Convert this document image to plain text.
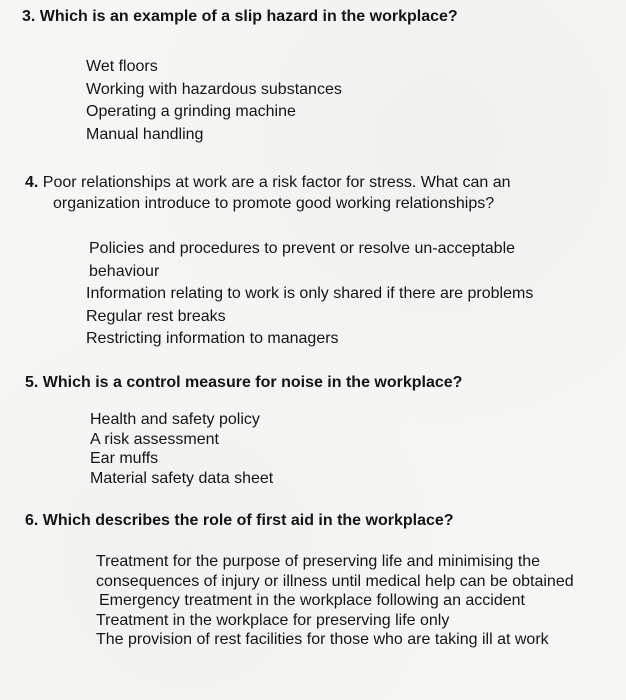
3. Which is an example of a slip hazard in the workplace?
Wet floors
Working with hazardous substances
Operating a grinding machine
Manual handling
4. Poor relationships at work are a risk factor for stress. What can an
organization introduce to promote good working relationships?
Policies and procedures to prevent or resolve un-acceptable behaviour
Information relating to work is only shared if there are problems
Regular rest breaks
Restricting information to managers
5. Which is a control measure for noise in the workplace?
Health and safety policy
A risk assessment
Ear muffs
Material safety data sheet
6. Which describes the role of first aid in the workplace?
Treatment for the purpose of preserving life and minimising the consequences of injury or illness until medical help can be obtained
Emergency treatment in the workplace following an accident
Treatment in the workplace for preserving life only
The provision of rest facilities for those who are taking ill at work
